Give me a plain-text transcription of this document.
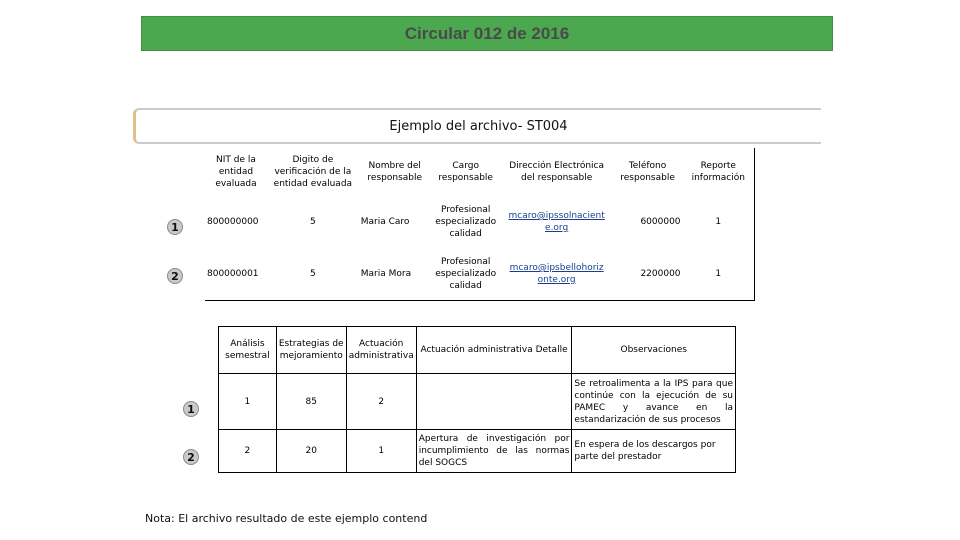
Circular 012 de 2016
Ejemplo del archivo- ST004
NIT de la entidad evaluada	Digito de verificación de la entidad evaluada	Nombre del responsable	Cargo responsable	Dirección Electrónica del responsable	Teléfono responsable	Reporte información
800000000	5	Maria Caro	Profesional especializado calidad	mcaro@ipssolnacient e.org	6000000	1
800000001	5	Maria Mora	Profesional especializado calidad	mcaro@ipsbellohoriz onte.org	2200000	1
1
2
Análisis semestral	Estrategias de mejoramiento	Actuación administrativa	Actuación administrativa Detalle	Observaciones
1	85	2		Se retroalimenta a la IPS para que continúe con la ejecución de su PAMEC y avance en la estandarización de sus procesos
2	20	1	Apertura de investigación por incumplimiento de las normas del SOGCS	En espera de los descargos por parte del prestador
1
2
Nota: El archivo resultado de este ejemplo contend
